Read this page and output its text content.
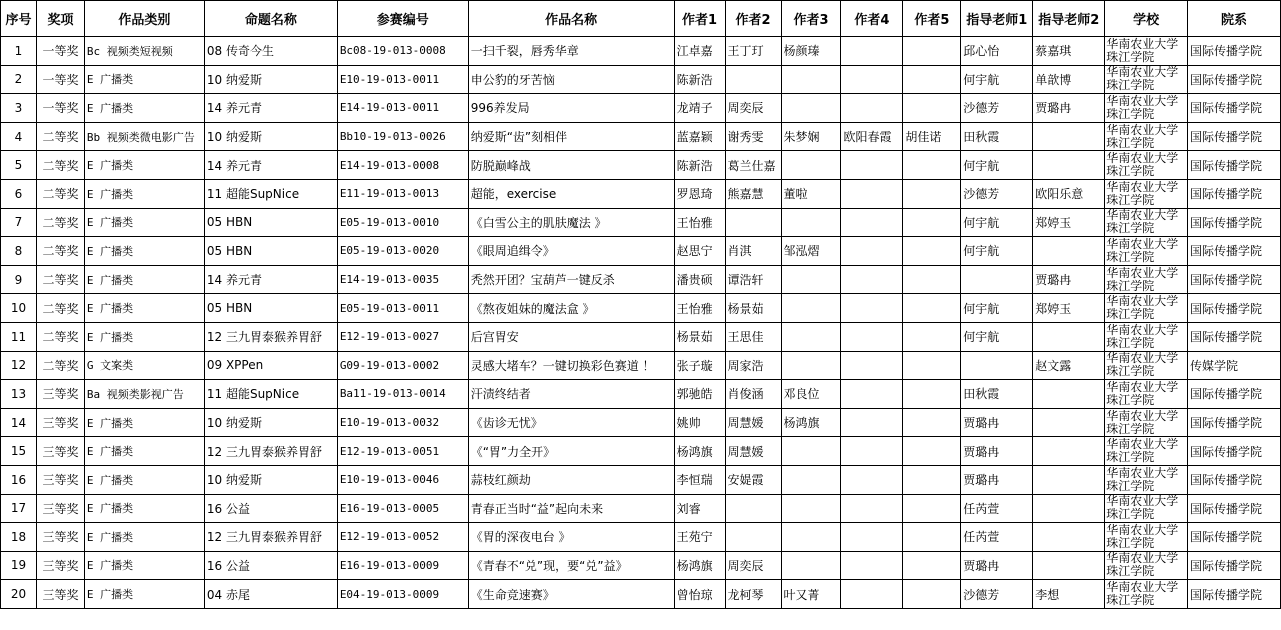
序号	奖项	作品类别	命题名称	参赛编号	作品名称	作者1	作者2	作者3	作者4	作者5	指导老师1	指导老师2	学校	院系
1	一等奖	Bc 视频类短视频	08 传奇今生	Bc08-19-013-0008	一扫千裂，唇秀华章	江卓嘉	王丁玎	杨颜瑧			邱心怡	蔡嘉琪	华南农业大学珠江学院	国际传播学院
2	一等奖	E 广播类	10 纳爱斯	E10-19-013-0011	申公豹的牙苦恼	陈新浩					何宇航	单歆博	华南农业大学珠江学院	国际传播学院
3	一等奖	E 广播类	14 养元青	E14-19-013-0011	996养发局	龙靖子	周奕辰				沙德芳	贾璐冉	华南农业大学珠江学院	国际传播学院
4	二等奖	Bb 视频类微电影广告	10 纳爱斯	Bb10-19-013-0026	纳爱斯“齿”刻相伴	蓝嘉颖	谢秀雯	朱梦娴	欧阳春霞	胡佳诺	田秋霞		华南农业大学珠江学院	国际传播学院
5	二等奖	E 广播类	14 养元青	E14-19-013-0008	防脱巅峰战	陈新浩	葛兰仕嘉				何宇航		华南农业大学珠江学院	国际传播学院
6	二等奖	E 广播类	11 超能SupNice	E11-19-013-0013	超能，exercise	罗恩琦	熊嘉慧	董啦			沙德芳	欧阳乐意	华南农业大学珠江学院	国际传播学院
7	二等奖	E 广播类	05 HBN	E05-19-013-0010	《白雪公主的肌肤魔法 》	王怡雅					何宇航	郑婷玉	华南农业大学珠江学院	国际传播学院
8	二等奖	E 广播类	05 HBN	E05-19-013-0020	《眼周追缉令》	赵思宁	肖淇	邹泓熠			何宇航		华南农业大学珠江学院	国际传播学院
9	二等奖	E 广播类	14 养元青	E14-19-013-0035	秃然开团？宝葫芦一键反杀	潘贵硕	谭浩轩					贾璐冉	华南农业大学珠江学院	国际传播学院
10	二等奖	E 广播类	05 HBN	E05-19-013-0011	《熬夜姐妹的魔法盒 》	王怡雅	杨景茹				何宇航	郑婷玉	华南农业大学珠江学院	国际传播学院
11	二等奖	E 广播类	12 三九胃泰猴养胃舒	E12-19-013-0027	后宫胃安	杨景茹	王思佳				何宇航		华南农业大学珠江学院	国际传播学院
12	二等奖	G 文案类	09 XPPen	G09-19-013-0002	灵感大堵车？一键切换彩色赛道 ！	张子璇	周家浩					赵文露	华南农业大学珠江学院	传媒学院
13	三等奖	Ba 视频类影视广告	11 超能SupNice	Ba11-19-013-0014	汗渍终结者	郭驰皓	肖俊涵	邓良位			田秋霞		华南农业大学珠江学院	国际传播学院
14	三等奖	E 广播类	10 纳爱斯	E10-19-013-0032	《齿诊无忧》	姚帅	周慧媛	杨鸿旗			贾璐冉		华南农业大学珠江学院	国际传播学院
15	三等奖	E 广播类	12 三九胃泰猴养胃舒	E12-19-013-0051	《“胃”力全开》	杨鸿旗	周慧媛				贾璐冉		华南农业大学珠江学院	国际传播学院
16	三等奖	E 广播类	10 纳爱斯	E10-19-013-0046	蒜枝红颜劫	李恒瑞	安媞霞				贾璐冉		华南农业大学珠江学院	国际传播学院
17	三等奖	E 广播类	16 公益	E16-19-013-0005	青春正当时“益”起向未来	刘睿					任芮萱		华南农业大学珠江学院	国际传播学院
18	三等奖	E 广播类	12 三九胃泰猴养胃舒	E12-19-013-0052	《胃的深夜电台 》	王苑宁					任芮萱		华南农业大学珠江学院	国际传播学院
19	三等奖	E 广播类	16 公益	E16-19-013-0009	《青春不“兑”现，要“兑”益》	杨鸿旗	周奕辰				贾璐冉		华南农业大学珠江学院	国际传播学院
20	三等奖	E 广播类	04 赤尾	E04-19-013-0009	《生命竞速赛》	曾怡琼	龙柯琴	叶又菁			沙德芳	李想	华南农业大学珠江学院	国际传播学院
